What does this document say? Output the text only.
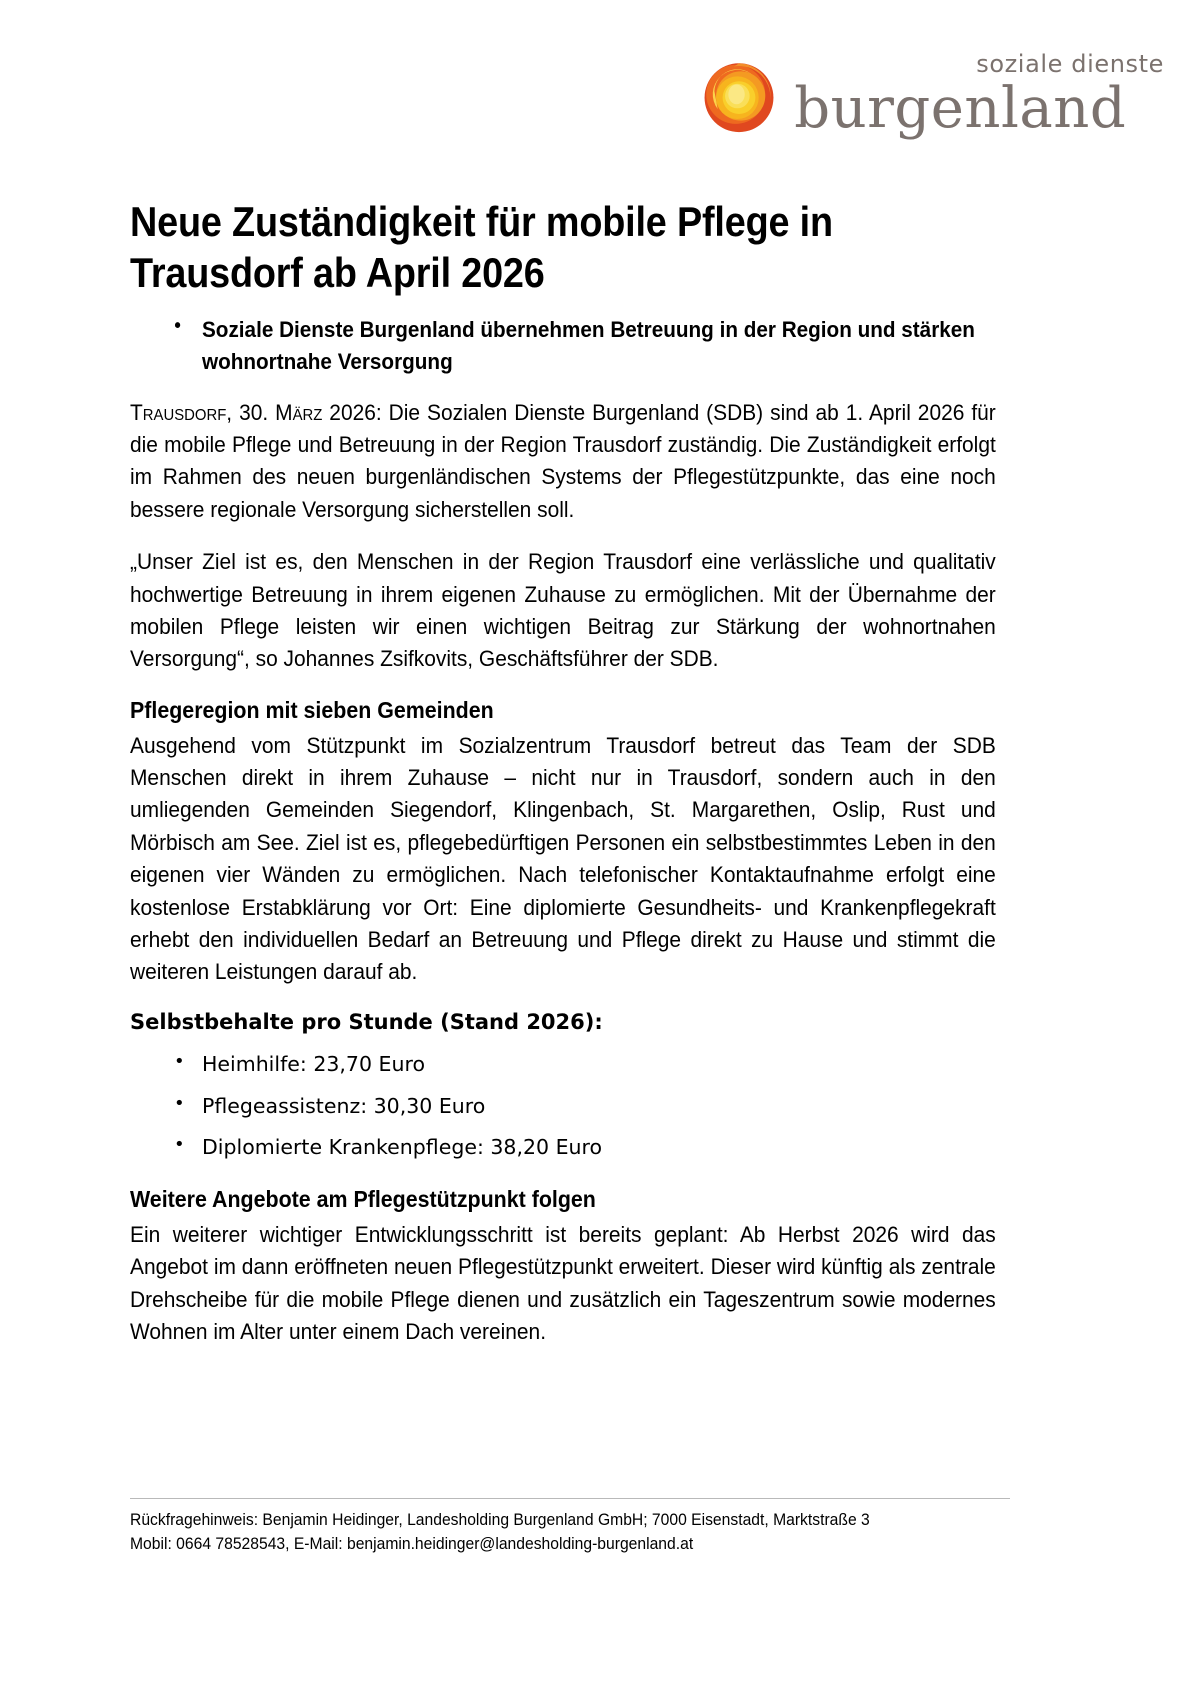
soziale dienste
burgenland
Neue Zuständigkeit für mobile Pflege in Trausdorf ab April 2026
• Soziale Dienste Burgenland übernehmen Betreuung in der Region und stärken wohnortnahe Versorgung

Trausdorf, 30. März 2026: Die Sozialen Dienste Burgenland (SDB) sind ab 1. April 2026 für die mobile Pflege und Betreuung in der Region Trausdorf zuständig. Die Zuständigkeit erfolgt im Rahmen des neuen burgenländischen Systems der Pflegestützpunkte, das eine noch bessere regionale Versorgung sicherstellen soll.

„Unser Ziel ist es, den Menschen in der Region Trausdorf eine verlässliche und qualitativ hochwertige Betreuung in ihrem eigenen Zuhause zu ermöglichen. Mit der Übernahme der mobilen Pflege leisten wir einen wichtigen Beitrag zur Stärkung der wohnortnahen Versorgung“, so Johannes Zsifkovits, Geschäftsführer der SDB.

Pflegeregion mit sieben Gemeinden

Ausgehend vom Stützpunkt im Sozialzentrum Trausdorf betreut das Team der SDB Menschen direkt in ihrem Zuhause – nicht nur in Trausdorf, sondern auch in den umliegenden Gemeinden Siegendorf, Klingenbach, St. Margarethen, Oslip, Rust und Mörbisch am See. Ziel ist es, pflegebedürftigen Personen ein selbstbestimmtes Leben in den eigenen vier Wänden zu ermöglichen. Nach telefonischer Kontaktaufnahme erfolgt eine kostenlose Erstabklärung vor Ort: Eine diplomierte Gesundheits- und Krankenpflegekraft erhebt den individuellen Bedarf an Betreuung und Pflege direkt zu Hause und stimmt die weiteren Leistungen darauf ab.

Selbstbehalte pro Stunde (Stand 2026):
• Heimhilfe: 23,70 Euro
• Pflegeassistenz: 30,30 Euro
• Diplomierte Krankenpflege: 38,20 Euro
Weitere Angebote am Pflegestützpunkt folgen

Ein weiterer wichtiger Entwicklungsschritt ist bereits geplant: Ab Herbst 2026 wird das Angebot im dann eröffneten neuen Pflegestützpunkt erweitert. Dieser wird künftig als zentrale Drehscheibe für die mobile Pflege dienen und zusätzlich ein Tageszentrum sowie modernes Wohnen im Alter unter einem Dach vereinen.

Rückfragehinweis: Benjamin Heidinger, Landesholding Burgenland GmbH; 7000 Eisenstadt, Marktstraße 3

Mobil: 0664 78528543, E-Mail: benjamin.heidinger@landesholding-burgenland.at
